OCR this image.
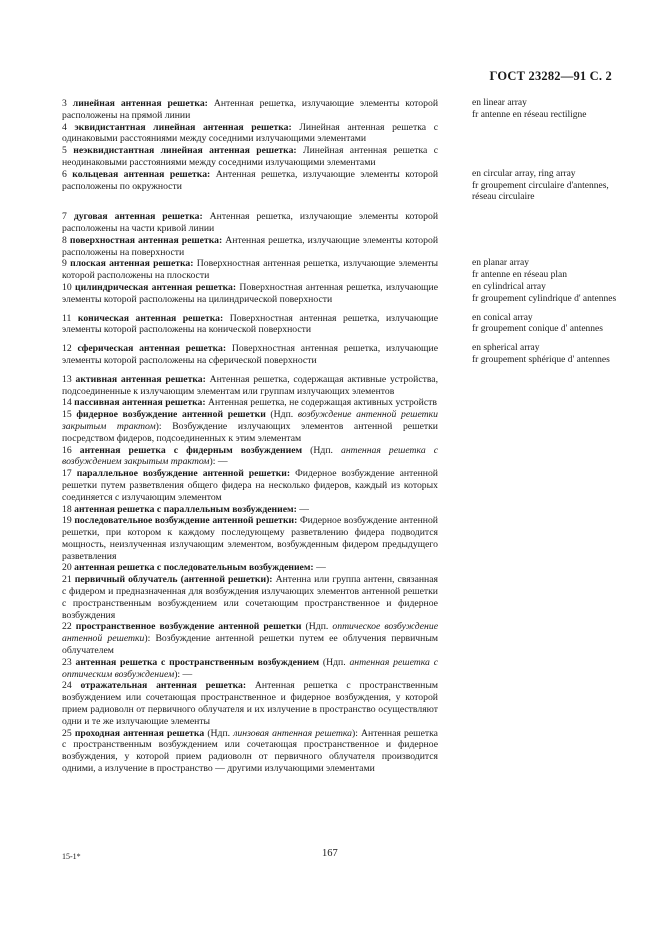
ГОСТ 23282—91 С. 2
3 линейная антенная решетка: Антенная решетка, излучающие элементы которой расположены на прямой линии
en linear array
fr antenne en réseau rectiligne
4 эквидистантная линейная антенная решетка: Линейная антенная решетка с одинаковыми расстояниями между соседними излучающими элементами
5 неэквидистантная линейная антенная решетка: Линейная антенная решетка с неодинаковыми расстояниями между соседними излучающими элементами
6 кольцевая антенная решетка: Антенная решетка, излучающие элементы которой расположены по окружности
en circular array, ring array
fr groupement circulaire d'antennes, réseau circulaire
7 дуговая антенная решетка: Антенная решетка, излучающие элементы которой расположены на части кривой линии
8 поверхностная антенная решетка: Антенная решетка, излучающие элементы которой расположены на поверхности
9 плоская антенная решетка: Поверхностная антенная решетка, излучающие элементы которой расположены на плоскости
en planar array
fr antenne en réseau plan
10 цилиндрическая антенная решетка: Поверхностная антенная решетка, излучающие элементы которой расположены на цилиндрической поверхности
en cylindrical array
fr groupement cylindrique d' antennes
11 коническая антенная решетка: Поверхностная антенная решетка, излучающие элементы которой расположены на конической поверхности
en conical array
fr groupement conique d' antennes
12 сферическая антенная решетка: Поверхностная антенная решетка, излучающие элементы которой расположены на сферической поверхности
en spherical array
fr groupement sphérique d' antennes
13 активная антенная решетка: Антенная решетка, содержащая активные устройства, подсоединенные к излучающим элементам или группам излучающих элементов
14 пассивная антенная решетка: Антенная решетка, не содержащая активных устройств
15 фидерное возбуждение антенной решетки (Ндп. возбуждение антенной решетки закрытым трактом): Возбуждение излучающих элементов антенной решетки посредством фидеров, подсоединенных к этим элементам
16 антенная решетка с фидерным возбуждением (Ндп. антенная решетка с возбуждением закрытым трактом): —
17 параллельное возбуждение антенной решетки: Фидерное возбуждение антенной решетки путем разветвления общего фидера на несколько фидеров, каждый из которых соединяется с излучающим элементом
18 антенная решетка с параллельным возбуждением: —
19 последовательное возбуждение антенной решетки: Фидерное возбуждение антенной решетки, при котором к каждому последующему разветвлению фидера подводится мощность, неизлученная излучающим элементом, возбужденным фидером предыдущего разветвления
20 антенная решетка с последовательным возбуждением: —
21 первичный облучатель (антенной решетки): Антенна или группа антенн, связанная с фидером и предназначенная для возбуждения излучающих элементов антенной решетки с пространственным возбуждением или сочетающим пространственное и фидерное возбуждения
22 пространственное возбуждение антенной решетки (Ндп. оптическое возбуждение антенной решетки): Возбуждение антенной решетки путем ее облучения первичным облучателем
23 антенная решетка с пространственным возбуждением (Ндп. антенная решетка с оптическим возбуждением): —
24 отражательная антенная решетка: Антенная решетка с пространственным возбуждением или сочетающая пространственное и фидерное возбуждения, у которой прием радиоволн от первичного облучателя и их излучение в пространство осуществляют одни и те же излучающие элементы
25 проходная антенная решетка (Ндп. линзовая антенная решетка): Антенная решетка с пространственным возбуждением или сочетающая пространственное и фидерное возбуждения, у которой прием радиоволн от первичного облучателя производится одними, а излучение в пространство — другими излучающими элементами
15-1*	167
